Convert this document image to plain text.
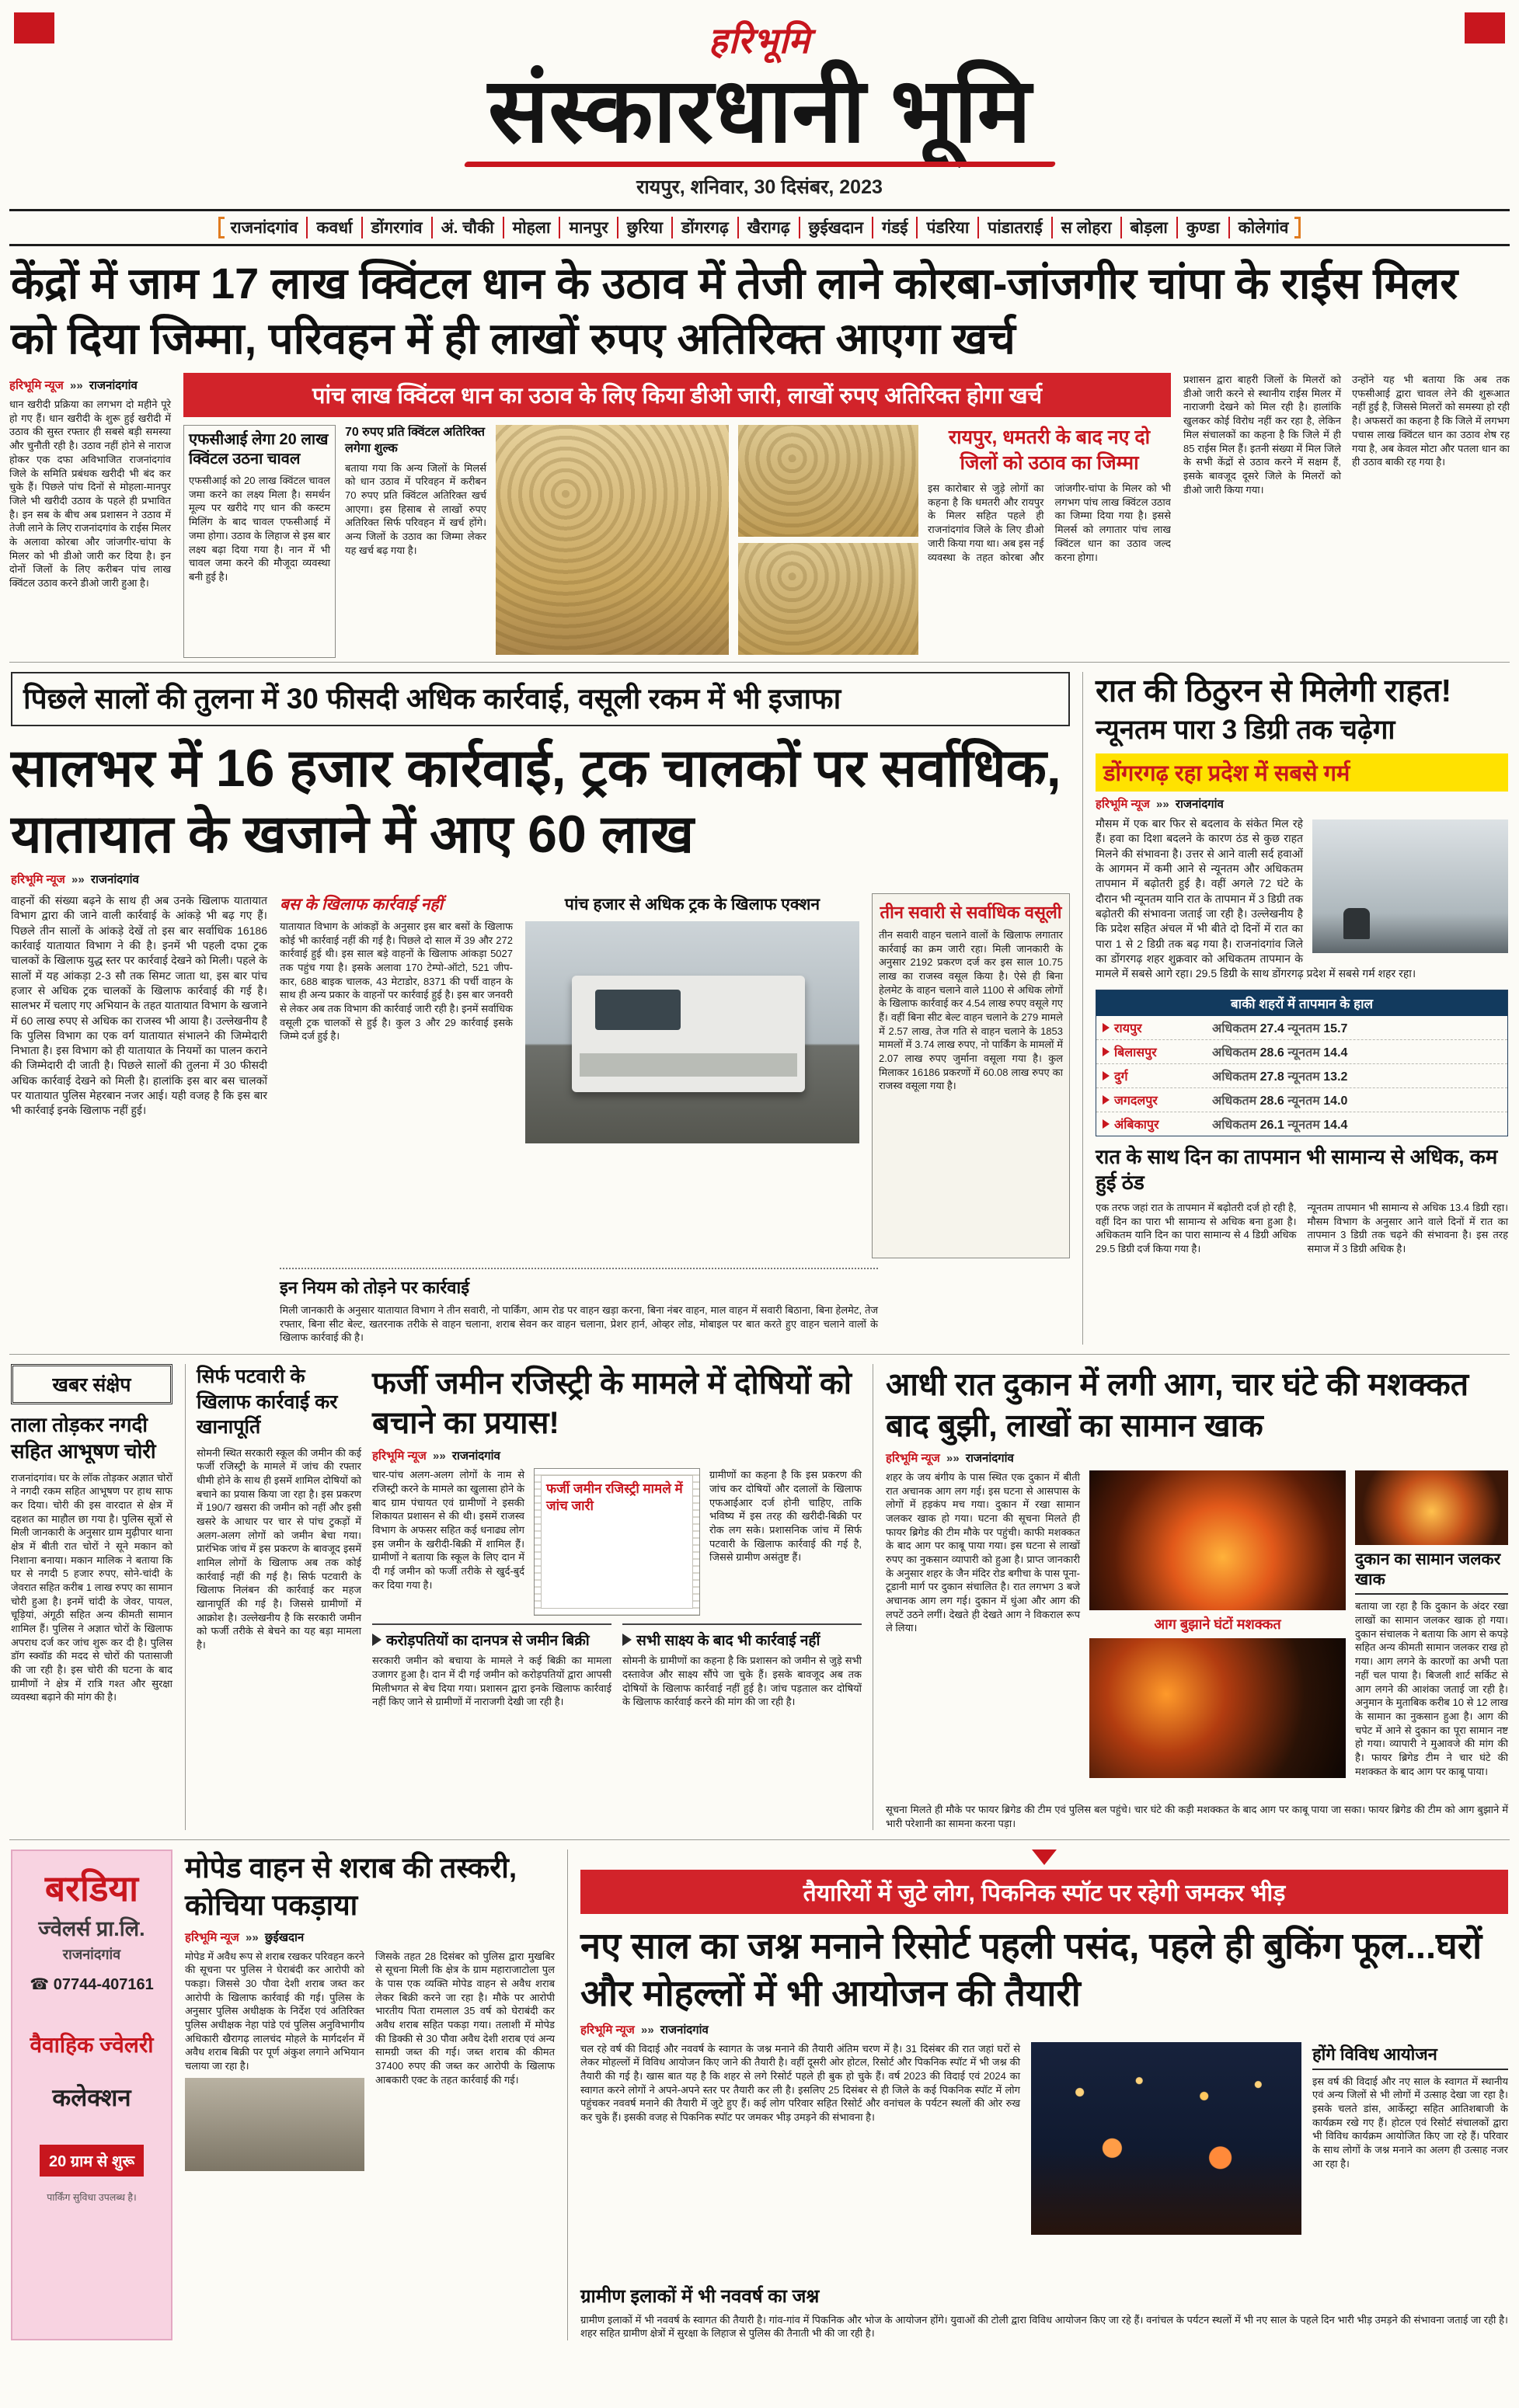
हरिभूमि
संस्कारधानी भूमि
रायपुर, शनिवार, 30 दिसंबर, 2023
राजनांदगांव	कवर्धा	डोंगरगांव	अं. चौकी	मोहला	मानपुर	छुरिया	डोंगरगढ़	खैरागढ़	छुईखदान	गंडई	पंडरिया	पांडातराई	स लोहरा	बोड़ला	कुण्डा	कोलेगांव
केंद्रों में जाम 17 लाख क्विंटल धान के उठाव में तेजी लाने कोरबा-जांजगीर चांपा के राईस मिलर को दिया जिम्मा, परिवहन में ही लाखों रुपए अतिरिक्त आएगा खर्च
हरिभूमि न्यूज »» राजनांदगांव

धान खरीदी प्रक्रिया का लगभग दो महीने पूरे हो गए हैं। धान खरीदी के शुरू हुई खरीदी में उठाव की सुस्त रफ्तार ही सबसे बड़ी समस्या और चुनौती रही है। उठाव नहीं होने से नाराज होकर एक दफा अविभाजित राजनांदगांव जिले के समिति प्रबंधक खरीदी भी बंद कर चुके हैं। पिछले पांच दिनों से मोहला-मानपुर जिले भी खरीदी उठाव के पहले ही प्रभावित है। इन सब के बीच अब प्रशासन ने उठाव में तेजी लाने के लिए राजनांदगांव के राईस मिलर के अलावा कोरबा और जांजगीर-चांपा के मिलर को भी डीओ जारी कर दिया है। इन दोनों जिलों के लिए करीबन पांच लाख क्विंटल उठाव करने डीओ जारी हुआ है।

पांच लाख क्विंटल धान का उठाव के लिए किया डीओ जारी, लाखों रुपए अतिरिक्त होगा खर्च
एफसीआई लेगा 20 लाख क्विंटल उठना चावल

एफसीआई को 20 लाख क्विंटल चावल जमा करने का लक्ष्य मिला है। समर्थन मूल्य पर खरीदे गए धान की कस्टम मिलिंग के बाद चावल एफसीआई में जमा होगा। उठाव के लिहाज से इस बार लक्ष्य बढ़ा दिया गया है। नान में भी चावल जमा करने की मौजूदा व्यवस्था बनी हुई है।

70 रुपए प्रति क्विंटल अतिरिक्त लगेगा शुल्क

बताया गया कि अन्य जिलों के मिलर्स को धान उठाव में परिवहन में करीबन 70 रुपए प्रति क्विंटल अतिरिक्त खर्च आएगा। इस हिसाब से लाखों रुपए अतिरिक्त सिर्फ परिवहन में खर्च होंगे। अन्य जिलों के उठाव का जिम्मा लेकर यह खर्च बढ़ गया है।

रायपुर, धमतरी के बाद नए दो जिलों को उठाव का जिम्मा

इस कारोबार से जुड़े लोगों का कहना है कि धमतरी और रायपुर के मिलर सहित पहले ही राजनांदगांव जिले के लिए डीओ जारी किया गया था। अब इस नई व्यवस्था के तहत कोरबा और जांजगीर-चांपा के मिलर को भी लगभग पांच लाख क्विंटल उठाव का जिम्मा दिया गया है। इससे मिलर्स को लगातार पांच लाख क्विंटल धान का उठाव जल्द करना होगा।

प्रशासन द्वारा बाहरी जिलों के मिलरों को डीओ जारी करने से स्थानीय राईस मिलर में नाराजगी देखने को मिल रही है। हालांकि खुलकर कोई विरोध नहीं कर रहा है, लेकिन मिल संचालकों का कहना है कि जिले में ही 85 राईस मिल हैं। इतनी संख्या में मिल जिले के सभी केंद्रों से उठाव करने में सक्षम हैं, इसके बावजूद दूसरे जिले के मिलरों को डीओ जारी किया गया।

उन्होंने यह भी बताया कि अब तक एफसीआई द्वारा चावल लेने की शुरूआत नहीं हुई है, जिससे मिलरों को समस्या हो रही है। अफसरों का कहना है कि जिले में लगभग पचास लाख क्विंटल धान का उठाव शेष रह गया है, अब केवल मोटा और पतला धान का ही उठाव बाकी रह गया है।

पिछले सालों की तुलना में 30 फीसदी अधिक कार्रवाई, वसूली रकम में भी इजाफा
सालभर में 16 हजार कार्रवाई, ट्रक चालकों पर सर्वाधिक, यातायात के खजाने में आए 60 लाख
हरिभूमि न्यूज »» राजनांदगांव

वाहनों की संख्या बढ़ने के साथ ही अब उनके खिलाफ यातायात विभाग द्वारा की जाने वाली कार्रवाई के आंकड़े भी बढ़ गए हैं। पिछले तीन सालों के आंकड़े देखें तो इस बार सर्वाधिक 16186 कार्रवाई यातायात विभाग ने की है। इनमें भी पहली दफा ट्रक चालकों के खिलाफ युद्ध स्तर पर कार्रवाई देखने को मिली। पहले के सालों में यह आंकड़ा 2-3 सौ तक सिमट जाता था, इस बार पांच हजार से अधिक ट्रक चालकों के खिलाफ कार्रवाई की गई है। सालभर में चलाए गए अभियान के तहत यातायात विभाग के खजाने में 60 लाख रुपए से अधिक का राजस्व भी आया है। उल्लेखनीय है कि पुलिस विभाग का एक वर्ग यातायात संभालने की जिम्मेदारी निभाता है। इस विभाग को ही यातायात के नियमों का पालन कराने की जिम्मेदारी दी जाती है। पिछले सालों की तुलना में 30 फीसदी अधिक कार्रवाई देखने को मिली है। हालांकि इस बार बस चालकों पर यातायात पुलिस मेहरबान नजर आई। यही वजह है कि इस बार भी कार्रवाई इनके खिलाफ नहीं हुई।

बस के खिलाफ कार्रवाई नहीं

यातायात विभाग के आंकड़ों के अनुसार इस बार बसों के खिलाफ कोई भी कार्रवाई नहीं की गई है। पिछले दो साल में 39 और 272 कार्रवाई हुई थी। इस साल बड़े वाहनों के खिलाफ आंकड़ा 5027 तक पहुंच गया है। इसके अलावा 170 टेम्पो-ऑटो, 521 जीप-कार, 688 बाइक चालक, 43 मेटाडोर, 8371 की पर्ची वाहन के साथ ही अन्य प्रकार के वाहनों पर कार्रवाई हुई है। इस बार जनवरी से लेकर अब तक विभाग की कार्रवाई जारी रही है। इनमें सर्वाधिक वसूली ट्रक चालकों से हुई है। कुल 3 और 29 कार्रवाई इसके जिम्मे दर्ज हुई है।

पांच हजार से अधिक ट्रक के खिलाफ एक्शन	तीन सवारी से सर्वाधिक वसूली

तीन सवारी वाहन चलाने वालों के खिलाफ लगातार कार्रवाई का क्रम जारी रहा। मिली जानकारी के अनुसार 2192 प्रकरण दर्ज कर इस साल 10.75 लाख का राजस्व वसूल किया है। ऐसे ही बिना हेलमेट के वाहन चलाने वाले 1100 से अधिक लोगों के खिलाफ कार्रवाई कर 4.54 लाख रुपए वसूले गए हैं। वहीं बिना सीट बेल्ट वाहन चलाने के 279 मामले में 2.57 लाख, तेज गति से वाहन चलाने के 1853 मामलों में 3.74 लाख रुपए, नो पार्किंग के मामलों में 2.07 लाख रुपए जुर्माना वसूला गया है। कुल मिलाकर 16186 प्रकरणों में 60.08 लाख रुपए का राजस्व वसूला गया है।

इन नियम को तोड़ने पर कार्रवाई

मिली जानकारी के अनुसार यातायात विभाग ने तीन सवारी, नो पार्किंग, आम रोड पर वाहन खड़ा करना, बिना नंबर वाहन, माल वाहन में सवारी बिठाना, बिना हेलमेट, तेज रफ्तार, बिना सीट बेल्ट, खतरनाक तरीके से वाहन चलाना, शराब सेवन कर वाहन चलाना, प्रेशर हार्न, ओव्हर लोड, मोबाइल पर बात करते हुए वाहन चलाने वालों के खिलाफ कार्रवाई की है।

रात की ठिठुरन से मिलेगी राहत!
न्यूनतम पारा 3 डिग्री तक चढ़ेगा
डोंगरगढ़ रहा प्रदेश में सबसे गर्म
हरिभूमि न्यूज »» राजनांदगांव

मौसम में एक बार फिर से बदलाव के संकेत मिल रहे हैं। हवा का दिशा बदलने के कारण ठंड से कुछ राहत मिलने की संभावना है। उत्तर से आने वाली सर्द हवाओं के आगमन में कमी आने से न्यूनतम और अधिकतम तापमान में बढ़ोतरी हुई है। वहीं अगले 72 घंटे के दौरान भी न्यूनतम यानि रात के तापमान में 3 डिग्री तक बढ़ोतरी की संभावना जताई जा रही है। उल्लेखनीय है कि प्रदेश सहित अंचल में भी बीते दो दिनों में रात का पारा 1 से 2 डिग्री तक बढ़ गया है। राजनांदगांव जिले का डोंगरगढ़ शहर शुक्रवार को अधिकतम तापमान के मामले में सबसे आगे रहा। 29.5 डिग्री के साथ डोंगरगढ़ प्रदेश में सबसे गर्म शहर रहा।

बाकी शहरों में तापमान के हाल
रायपुर	अधिकतम 27.4 न्यूनतम 15.7
बिलासपुर	अधिकतम 28.6 न्यूनतम 14.4
दुर्ग	अधिकतम 27.8 न्यूनतम 13.2
जगदलपुर	अधिकतम 28.6 न्यूनतम 14.0
अंबिकापुर	अधिकतम 26.1 न्यूनतम 14.4
रात के साथ दिन का तापमान भी सामान्य से अधिक, कम हुई ठंड

एक तरफ जहां रात के तापमान में बढ़ोतरी दर्ज हो रही है, वहीं दिन का पारा भी सामान्य से अधिक बना हुआ है। अधिकतम यानि दिन का पारा सामान्य से 4 डिग्री अधिक 29.5 डिग्री दर्ज किया गया है।

न्यूनतम तापमान भी सामान्य से अधिक 13.4 डिग्री रहा। मौसम विभाग के अनुसार आने वाले दिनों में रात का तापमान 3 डिग्री तक चढ़ने की संभावना है। इस तरह समाज में 3 डिग्री अधिक है।

खबर संक्षेप
ताला तोड़कर नगदी सहित आभूषण चोरी

राजनांदगांव। घर के लॉक तोड़कर अज्ञात चोरों ने नगदी रकम सहित आभूषण पर हाथ साफ कर दिया। चोरी की इस वारदात से क्षेत्र में दहशत का माहौल छा गया है। पुलिस सूत्रों से मिली जानकारी के अनुसार ग्राम मुढ़ीपार थाना क्षेत्र में बीती रात चोरों ने सूने मकान को निशाना बनाया। मकान मालिक ने बताया कि घर से नगदी 5 हजार रुपए, सोने-चांदी के जेवरात सहित करीब 1 लाख रुपए का सामान चोरी हुआ है। इनमें चांदी के जेवर, पायल, चूड़ियां, अंगूठी सहित अन्य कीमती सामान शामिल हैं। पुलिस ने अज्ञात चोरों के खिलाफ अपराध दर्ज कर जांच शुरू कर दी है। पुलिस डॉग स्क्वॉड की मदद से चोरों की पतासाजी की जा रही है। इस चोरी की घटना के बाद ग्रामीणों ने क्षेत्र में रात्रि गश्त और सुरक्षा व्यवस्था बढ़ाने की मांग की है।

सिर्फ पटवारी के खिलाफ कार्रवाई कर खानापूर्ति

सोमनी स्थित सरकारी स्कूल की जमीन की कई फर्जी रजिस्ट्री के मामले में जांच की रफ्तार धीमी होने के साथ ही इसमें शामिल दोषियों को बचाने का प्रयास किया जा रहा है। इस प्रकरण में 190/7 खसरा की जमीन को नहीं और इसी खसरे के आधार पर चार से पांच टुकड़ों में अलग-अलग लोगों को जमीन बेचा गया। प्रारंभिक जांच में इस प्रकरण के बावजूद इसमें शामिल लोगों के खिलाफ अब तक कोई कार्रवाई नहीं की गई है। सिर्फ पटवारी के खिलाफ निलंबन की कार्रवाई कर महज खानापूर्ति की गई है। जिससे ग्रामीणों में आक्रोश है। उल्लेखनीय है कि सरकारी जमीन को फर्जी तरीके से बेचने का यह बड़ा मामला है।

फर्जी जमीन रजिस्ट्री के मामले में दोषियों को बचाने का प्रयास!
हरिभूमि न्यूज »» राजनांदगांव

चार-पांच अलग-अलग लोगों के नाम से रजिस्ट्री करने के मामले का खुलासा होने के बाद ग्राम पंचायत एवं ग्रामीणों ने इसकी शिकायत प्रशासन से की थी। इसमें राजस्व विभाग के अफसर सहित कई धनाढ्य लोग इस जमीन के खरीदी-बिक्री में शामिल हैं। ग्रामीणों ने बताया कि स्कूल के लिए दान में दी गई जमीन को फर्जी तरीके से खुर्द-बुर्द कर दिया गया है।

फर्जी जमीन रजिस्ट्री मामले में जांच जारी

ग्रामीणों का कहना है कि इस प्रकरण की जांच कर दोषियों और दलालों के खिलाफ एफआईआर दर्ज होनी चाहिए, ताकि भविष्य में इस तरह की खरीदी-बिक्री पर रोक लग सके। प्रशासनिक जांच में सिर्फ पटवारी के खिलाफ कार्रवाई की गई है, जिससे ग्रामीण असंतुष्ट हैं।

करोड़पतियों का दानपत्र से जमीन बिक्री

सरकारी जमीन को बचाया के मामले ने कई बिक्री का मामला उजागर हुआ है। दान में दी गई जमीन को करोड़पतियों द्वारा आपसी मिलीभगत से बेच दिया गया। प्रशासन द्वारा इनके खिलाफ कार्रवाई नहीं किए जाने से ग्रामीणों में नाराजगी देखी जा रही है।

सभी साक्ष्य के बाद भी कार्रवाई नहीं

सोमनी के ग्रामीणों का कहना है कि प्रशासन को जमीन से जुड़े सभी दस्तावेज और साक्ष्य सौंपे जा चुके हैं। इसके बावजूद अब तक दोषियों के खिलाफ कार्रवाई नहीं हुई है। जांच पड़ताल कर दोषियों के खिलाफ कार्रवाई करने की मांग की जा रही है।

आधी रात दुकान में लगी आग, चार घंटे की मशक्कत बाद बुझी, लाखों का सामान खाक
हरिभूमि न्यूज »» राजनांदगांव

शहर के जय बंगीय के पास स्थित एक दुकान में बीती रात अचानक आग लग गई। इस घटना से आसपास के लोगों में हड़कंप मच गया। दुकान में रखा सामान जलकर खाक हो गया। घटना की सूचना मिलते ही फायर ब्रिगेड की टीम मौके पर पहुंची। काफी मशक्कत के बाद आग पर काबू पाया गया। इस घटना से लाखों रुपए का नुकसान व्यापारी को हुआ है। प्राप्त जानकारी के अनुसार शहर के जैन मंदिर रोड बगीचा के पास पूना-टूडानी मार्ग पर दुकान संचालित है। रात लगभग 3 बजे अचानक आग लग गई। दुकान में धुंआ और आग की लपटें उठने लगीं। देखते ही देखते आग ने विकराल रूप ले लिया।	आग बुझाने घंटों मशक्कत
दुकान का सामान जलकर खाक

बताया जा रहा है कि दुकान के अंदर रखा लाखों का सामान जलकर खाक हो गया। दुकान संचालक ने बताया कि आग से कपड़े सहित अन्य कीमती सामान जलकर राख हो गया। आग लगने के कारणों का अभी पता नहीं चल पाया है। बिजली शार्ट सर्किट से आग लगने की आशंका जताई जा रही है। अनुमान के मुताबिक करीब 10 से 12 लाख के सामान का नुकसान हुआ है। आग की चपेट में आने से दुकान का पूरा सामान नष्ट हो गया। व्यापारी ने मुआवजे की मांग की है। फायर ब्रिगेड टीम ने चार घंटे की मशक्कत के बाद आग पर काबू पाया।

सूचना मिलते ही मौके पर फायर ब्रिगेड की टीम एवं पुलिस बल पहुंचे। चार घंटे की कड़ी मशक्कत के बाद आग पर काबू पाया जा सका। फायर ब्रिगेड की टीम को आग बुझाने में भारी परेशानी का सामना करना पड़ा।

बरडिया
ज्वेलर्स प्रा.लि.
राजनांदगांव
☎ 07744-407161
वैवाहिक ज्वेलरी
कलेक्शन
20 ग्राम से शुरू
पार्किंग सुविधा उपलब्ध है।
मोपेड वाहन से शराब की तस्करी, कोचिया पकड़ाया
हरिभूमि न्यूज »» छुईखदान

मोपेड में अवैध रूप से शराब रखकर परिवहन करने की सूचना पर पुलिस ने घेराबंदी कर आरोपी को पकड़ा। जिससे 30 पौवा देशी शराब जब्त कर आरोपी के खिलाफ कार्रवाई की गई। पुलिस के अनुसार पुलिस अधीक्षक के निर्देश एवं अतिरिक्त पुलिस अधीक्षक नेहा पांडे एवं पुलिस अनुविभागीय अधिकारी खैरागढ़ लालचंद मोहले के मार्गदर्शन में अवैध शराब बिक्री पर पूर्ण अंकुश लगाने अभियान चलाया जा रहा है।

जिसके तहत 28 दिसंबर को पुलिस द्वारा मुखबिर से सूचना मिली कि क्षेत्र के ग्राम महाराजाटोला पुल के पास एक व्यक्ति मोपेड वाहन से अवैध शराब लेकर बिक्री करने जा रहा है। मौके पर आरोपी भारतीय पिता रामलाल 35 वर्ष को घेराबंदी कर अवैध शराब सहित पकड़ा गया। तलाशी में मोपेड की डिक्की से 30 पौवा अवैध देशी शराब एवं अन्य सामग्री जब्त की गई। जब्त शराब की कीमत 37400 रुपए की जब्त कर आरोपी के खिलाफ आबकारी एक्ट के तहत कार्रवाई की गई।

तैयारियों में जुटे लोग, पिकनिक स्पॉट पर रहेगी जमकर भीड़
नए साल का जश्न मनाने रिसोर्ट पहली पसंद, पहले ही बुकिंग फूल...घरों और मोहल्लों में भी आयोजन की तैयारी
हरिभूमि न्यूज »» राजनांदगांव

चल रहे वर्ष की विदाई और नववर्ष के स्वागत के जश्न मनाने की तैयारी अंतिम चरण में है। 31 दिसंबर की रात जहां घरों से लेकर मोहल्लों में विविध आयोजन किए जाने की तैयारी है। वहीं दूसरी ओर होटल, रिसोर्ट और पिकनिक स्पॉट में भी जश्न की तैयारी की गई है। खास बात यह है कि शहर से लगे रिसोर्ट पहले ही बुक हो चुके हैं। वर्ष 2023 की विदाई एवं 2024 का स्वागत करने लोगों ने अपने-अपने स्तर पर तैयारी कर ली है। इसलिए 25 दिसंबर से ही जिले के कई पिकनिक स्पॉट में लोग पहुंचकर नववर्ष मनाने की तैयारी में जुटे हुए हैं। कई लोग परिवार सहित रिसोर्ट और वनांचल के पर्यटन स्थलों की ओर रुख कर चुके हैं। इसकी वजह से पिकनिक स्पॉट पर जमकर भीड़ उमड़ने की संभावना है।

होंगे विविध आयोजन

इस वर्ष की विदाई और नए साल के स्वागत में स्थानीय एवं अन्य जिलों से भी लोगों में उत्साह देखा जा रहा है। इसके चलते डांस, आर्केस्ट्रा सहित आतिशबाजी के कार्यक्रम रखे गए हैं। होटल एवं रिसोर्ट संचालकों द्वारा भी विविध कार्यक्रम आयोजित किए जा रहे हैं। परिवार के साथ लोगों के जश्न मनाने का अलग ही उत्साह नजर आ रहा है।

ग्रामीण इलाकों में भी नववर्ष का जश्न

ग्रामीण इलाकों में भी नववर्ष के स्वागत की तैयारी है। गांव-गांव में पिकनिक और भोज के आयोजन होंगे। युवाओं की टोली द्वारा विविध आयोजन किए जा रहे हैं। वनांचल के पर्यटन स्थलों में भी नए साल के पहले दिन भारी भीड़ उमड़ने की संभावना जताई जा रही है। शहर सहित ग्रामीण क्षेत्रों में सुरक्षा के लिहाज से पुलिस की तैनाती भी की जा रही है।
